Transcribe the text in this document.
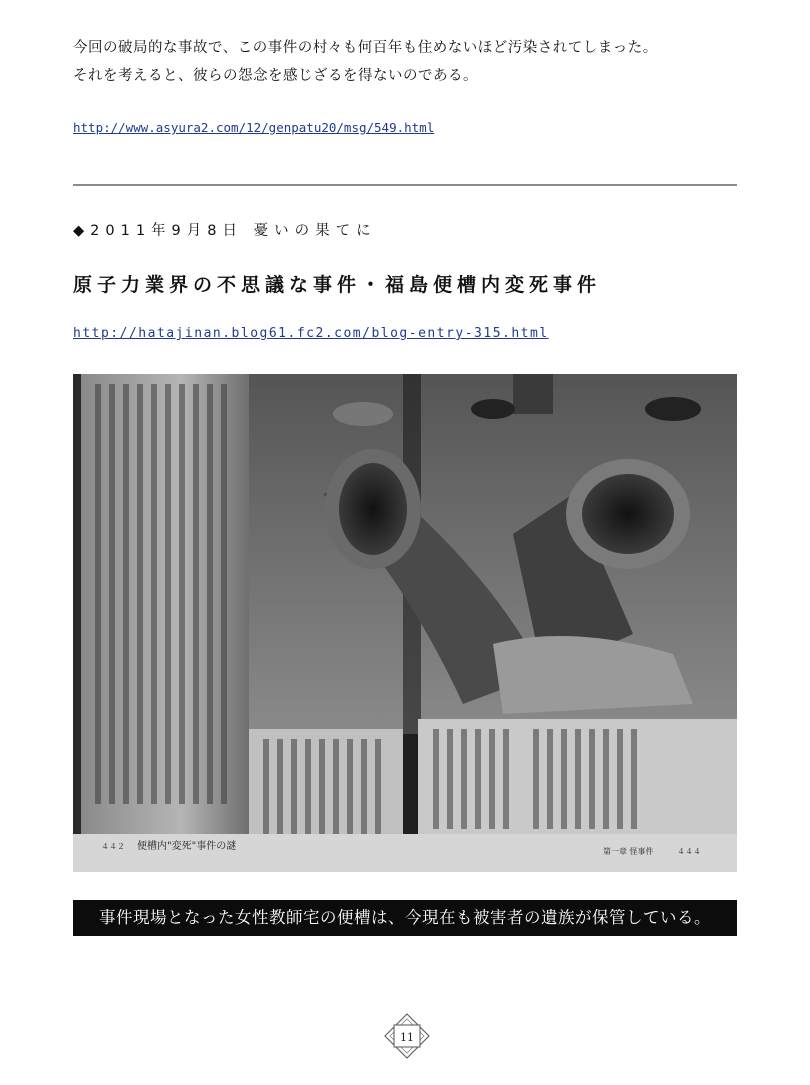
今回の破局的な事故で、この事件の村々も何百年も住めないほど汚染されてしまった。

それを考えると、彼らの怨念を感じざるを得ないのである。

http://www.asyura2.com/12/genpatu20/msg/549.html
◆2011年9月8日 憂いの果てに
原子力業界の不思議な事件・福島便槽内変死事件
http://hatajinan.blog61.fc2.com/blog-entry-315.html
便槽内"変死"事件の謎
４４２
第一章 怪事件	４４４
事件現場となった女性教師宅の便槽は、今現在も被害者の遺族が保管している。
11
